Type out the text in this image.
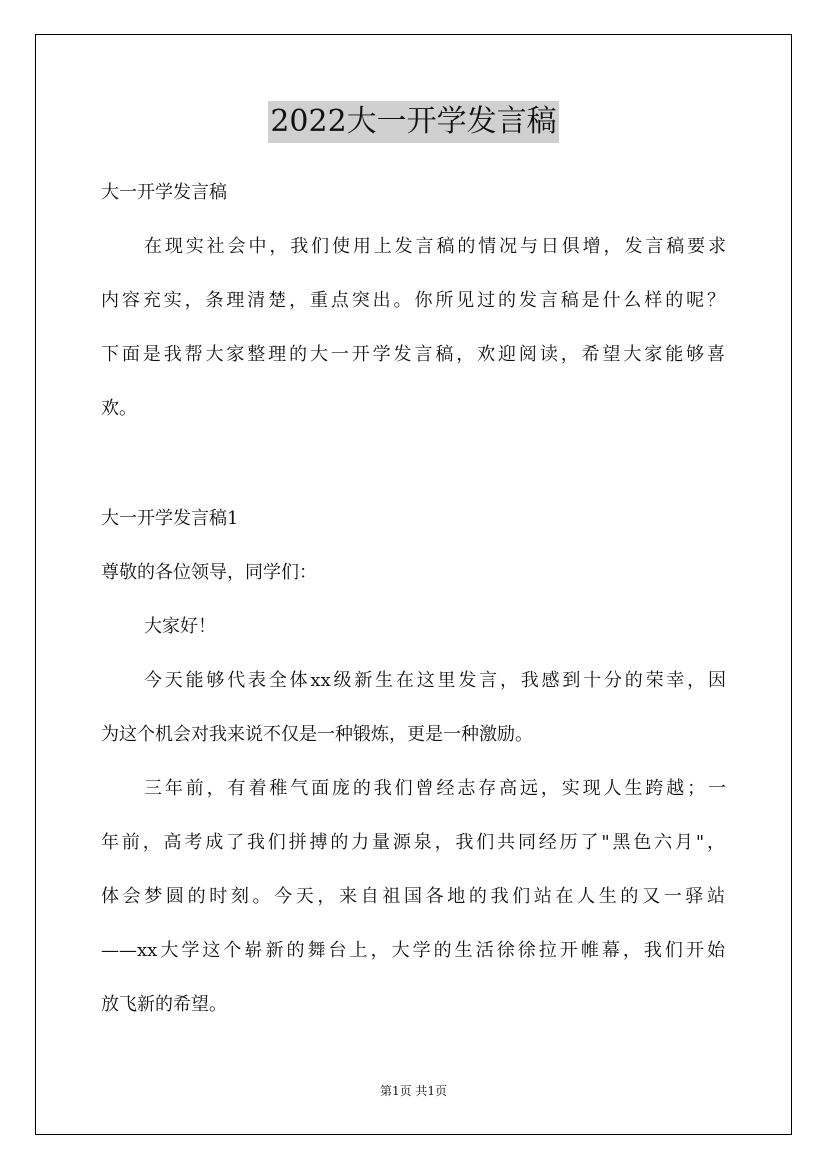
2022大一开学发言稿
大一开学发言稿
在现实社会中，我们使用上发言稿的情况与日俱增，发言稿要求
内容充实，条理清楚，重点突出。你所见过的发言稿是什么样的呢？
下面是我帮大家整理的大一开学发言稿，欢迎阅读，希望大家能够喜
欢。
大一开学发言稿1
尊敬的各位领导，同学们：
大家好！
今天能够代表全体xx级新生在这里发言，我感到十分的荣幸，因
为这个机会对我来说不仅是一种锻炼，更是一种激励。
三年前，有着稚气面庞的我们曾经志存高远，实现人生跨越；一
年前，高考成了我们拼搏的力量源泉，我们共同经历了"黑色六月"，
体会梦圆的时刻。今天，来自祖国各地的我们站在人生的又一驿站
——xx大学这个崭新的舞台上，大学的生活徐徐拉开帷幕，我们开始
放飞新的希望。
第1页 共1页
